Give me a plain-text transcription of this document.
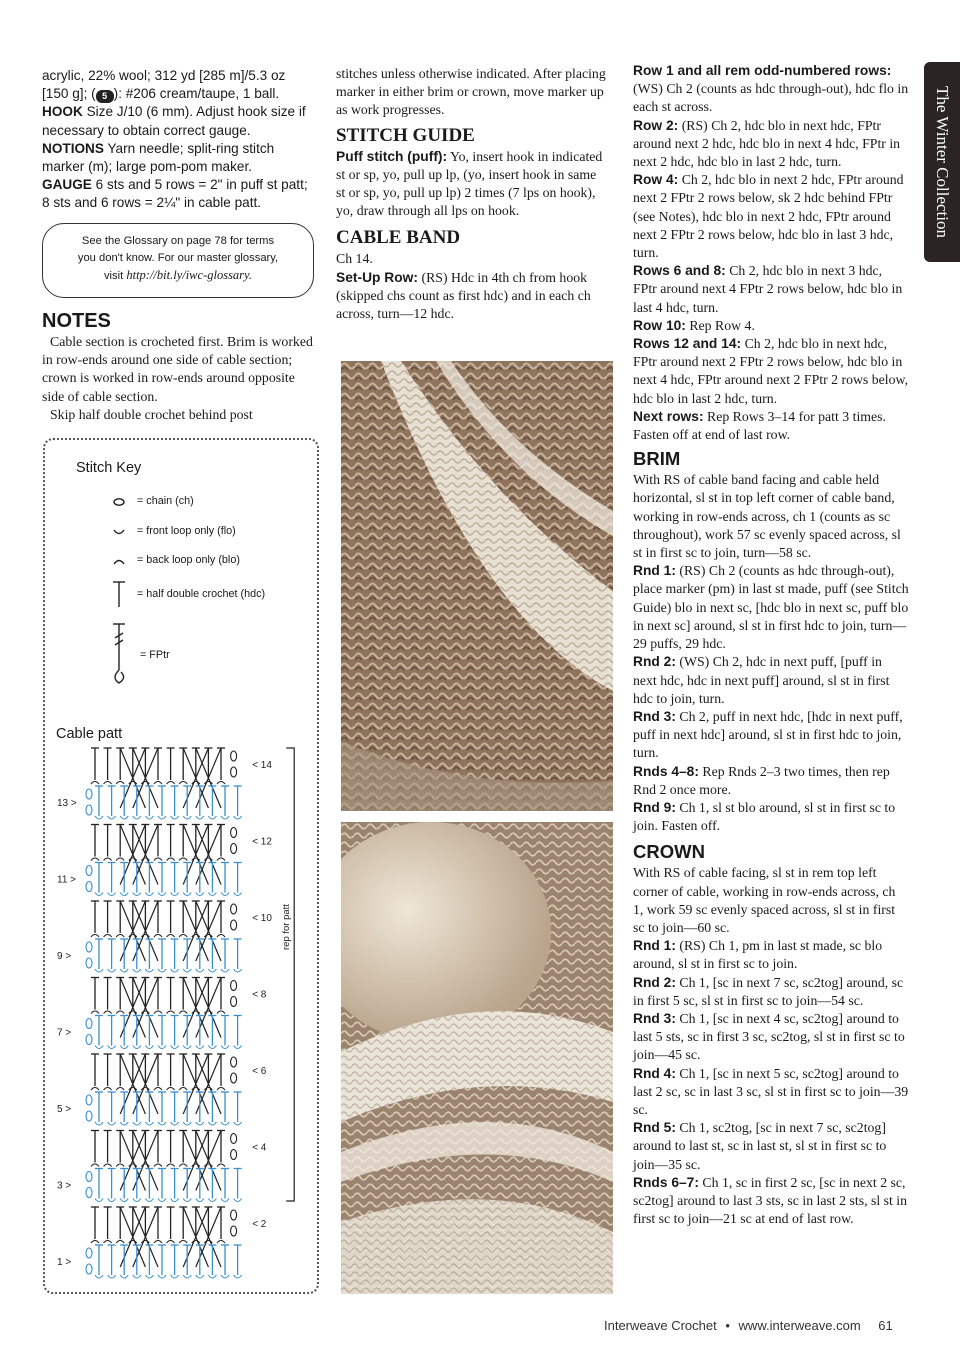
acrylic, 22% wool; 312 yd [285 m]/5.3 oz [150 g]; ( 5 ): #206 cream/taupe, 1 ball.
HOOK Size J/10 (6 mm). Adjust hook size if necessary to obtain correct gauge.
NOTIONS Yarn needle; split-ring stitch marker (m); large pom-pom maker.
GAUGE 6 sts and 5 rows = 2" in puff st patt; 8 sts and 6 rows = 2¼" in cable patt.
See the Glossary on page 78 for terms
you don't know. For our master glossary,
visit http://bit.ly/iwc-glossary.
NOTES
Cable section is crocheted first. Brim is worked in row-ends around one side of cable section; crown is worked in row-ends around opposite side of cable section.
Skip half double crochet behind post
Stitch Key
= chain (ch)
= front loop only (flo)
= back loop only (blo)
= half double crochet (hdc)
= FPtr
Cable patt
< 14
13 >
< 12
11 >
< 10
9 >
< 8
7 >
< 6
5 >
< 4
3 >
< 2
1 >
rep for patt
stitches unless otherwise indicated. After placing marker in either brim or crown, move marker up as work progresses.
STITCH GUIDE
Puff stitch (puff): Yo, insert hook in indicated st or sp, yo, pull up lp, (yo, insert hook in same st or sp, yo, pull up lp) 2 times (7 lps on hook), yo, draw through all lps on hook.
CABLE BAND
Ch 14.
Set-Up Row: (RS) Hdc in 4th ch from hook (skipped chs count as first hdc) and in each ch across, turn—12 hdc.
Row 1 and all rem odd-numbered rows: (WS) Ch 2 (counts as hdc through-out), hdc flo in each st across.
Row 2: (RS) Ch 2, hdc blo in next hdc, FPtr around next 2 hdc, hdc blo in next 4 hdc, FPtr in next 2 hdc, hdc blo in last 2 hdc, turn.
Row 4: Ch 2, hdc blo in next 2 hdc, FPtr around next 2 FPtr 2 rows below, sk 2 hdc behind FPtr (see Notes), hdc blo in next 2 hdc, FPtr around next 2 FPtr 2 rows below, hdc blo in last 3 hdc, turn.
Rows 6 and 8: Ch 2, hdc blo in next 3 hdc, FPtr around next 4 FPtr 2 rows below, hdc blo in last 4 hdc, turn.
Row 10: Rep Row 4.
Rows 12 and 14: Ch 2, hdc blo in next hdc, FPtr around next 2 FPtr 2 rows below, hdc blo in next 4 hdc, FPtr around next 2 FPtr 2 rows below, hdc blo in last 2 hdc, turn.
Next rows: Rep Rows 3–14 for patt 3 times. Fasten off at end of last row.
BRIM
With RS of cable band facing and cable held horizontal, sl st in top left corner of cable band, working in row-ends across, ch 1 (counts as sc throughout), work 57 sc evenly spaced across, sl st in first sc to join, turn—58 sc.
Rnd 1: (RS) Ch 2 (counts as hdc through-out), place marker (pm) in last st made, puff (see Stitch Guide) blo in next sc, [hdc blo in next sc, puff blo in next sc] around, sl st in first hdc to join, turn—29 puffs, 29 hdc.
Rnd 2: (WS) Ch 2, hdc in next puff, [puff in next hdc, hdc in next puff] around, sl st in first hdc to join, turn.
Rnd 3: Ch 2, puff in next hdc, [hdc in next puff, puff in next hdc] around, sl st in first hdc to join, turn.
Rnds 4–8: Rep Rnds 2–3 two times, then rep Rnd 2 once more.
Rnd 9: Ch 1, sl st blo around, sl st in first sc to join. Fasten off.
CROWN
With RS of cable facing, sl st in rem top left corner of cable, working in row-ends across, ch 1, work 59 sc evenly spaced across, sl st in first sc to join—60 sc.
Rnd 1: (RS) Ch 1, pm in last st made, sc blo around, sl st in first sc to join.
Rnd 2: Ch 1, [sc in next 7 sc, sc2tog] around, sc in first 5 sc, sl st in first sc to join—54 sc.
Rnd 3: Ch 1, [sc in next 4 sc, sc2tog] around to last 5 sts, sc in first 3 sc, sc2tog, sl st in first sc to join—45 sc.
Rnd 4: Ch 1, [sc in next 5 sc, sc2tog] around to last 2 sc, sc in last 3 sc, sl st in first sc to join—39 sc.
Rnd 5: Ch 1, sc2tog, [sc in next 7 sc, sc2tog] around to last st, sc in last st, sl st in first sc to join—35 sc.
Rnds 6–7: Ch 1, sc in first 2 sc, [sc in next 2 sc, sc2tog] around to last 3 sts, sc in last 2 sts, sl st in first sc to join—21 sc at end of last row.
The Winter Collection
Interweave Crochet • www.interweave.com 61
